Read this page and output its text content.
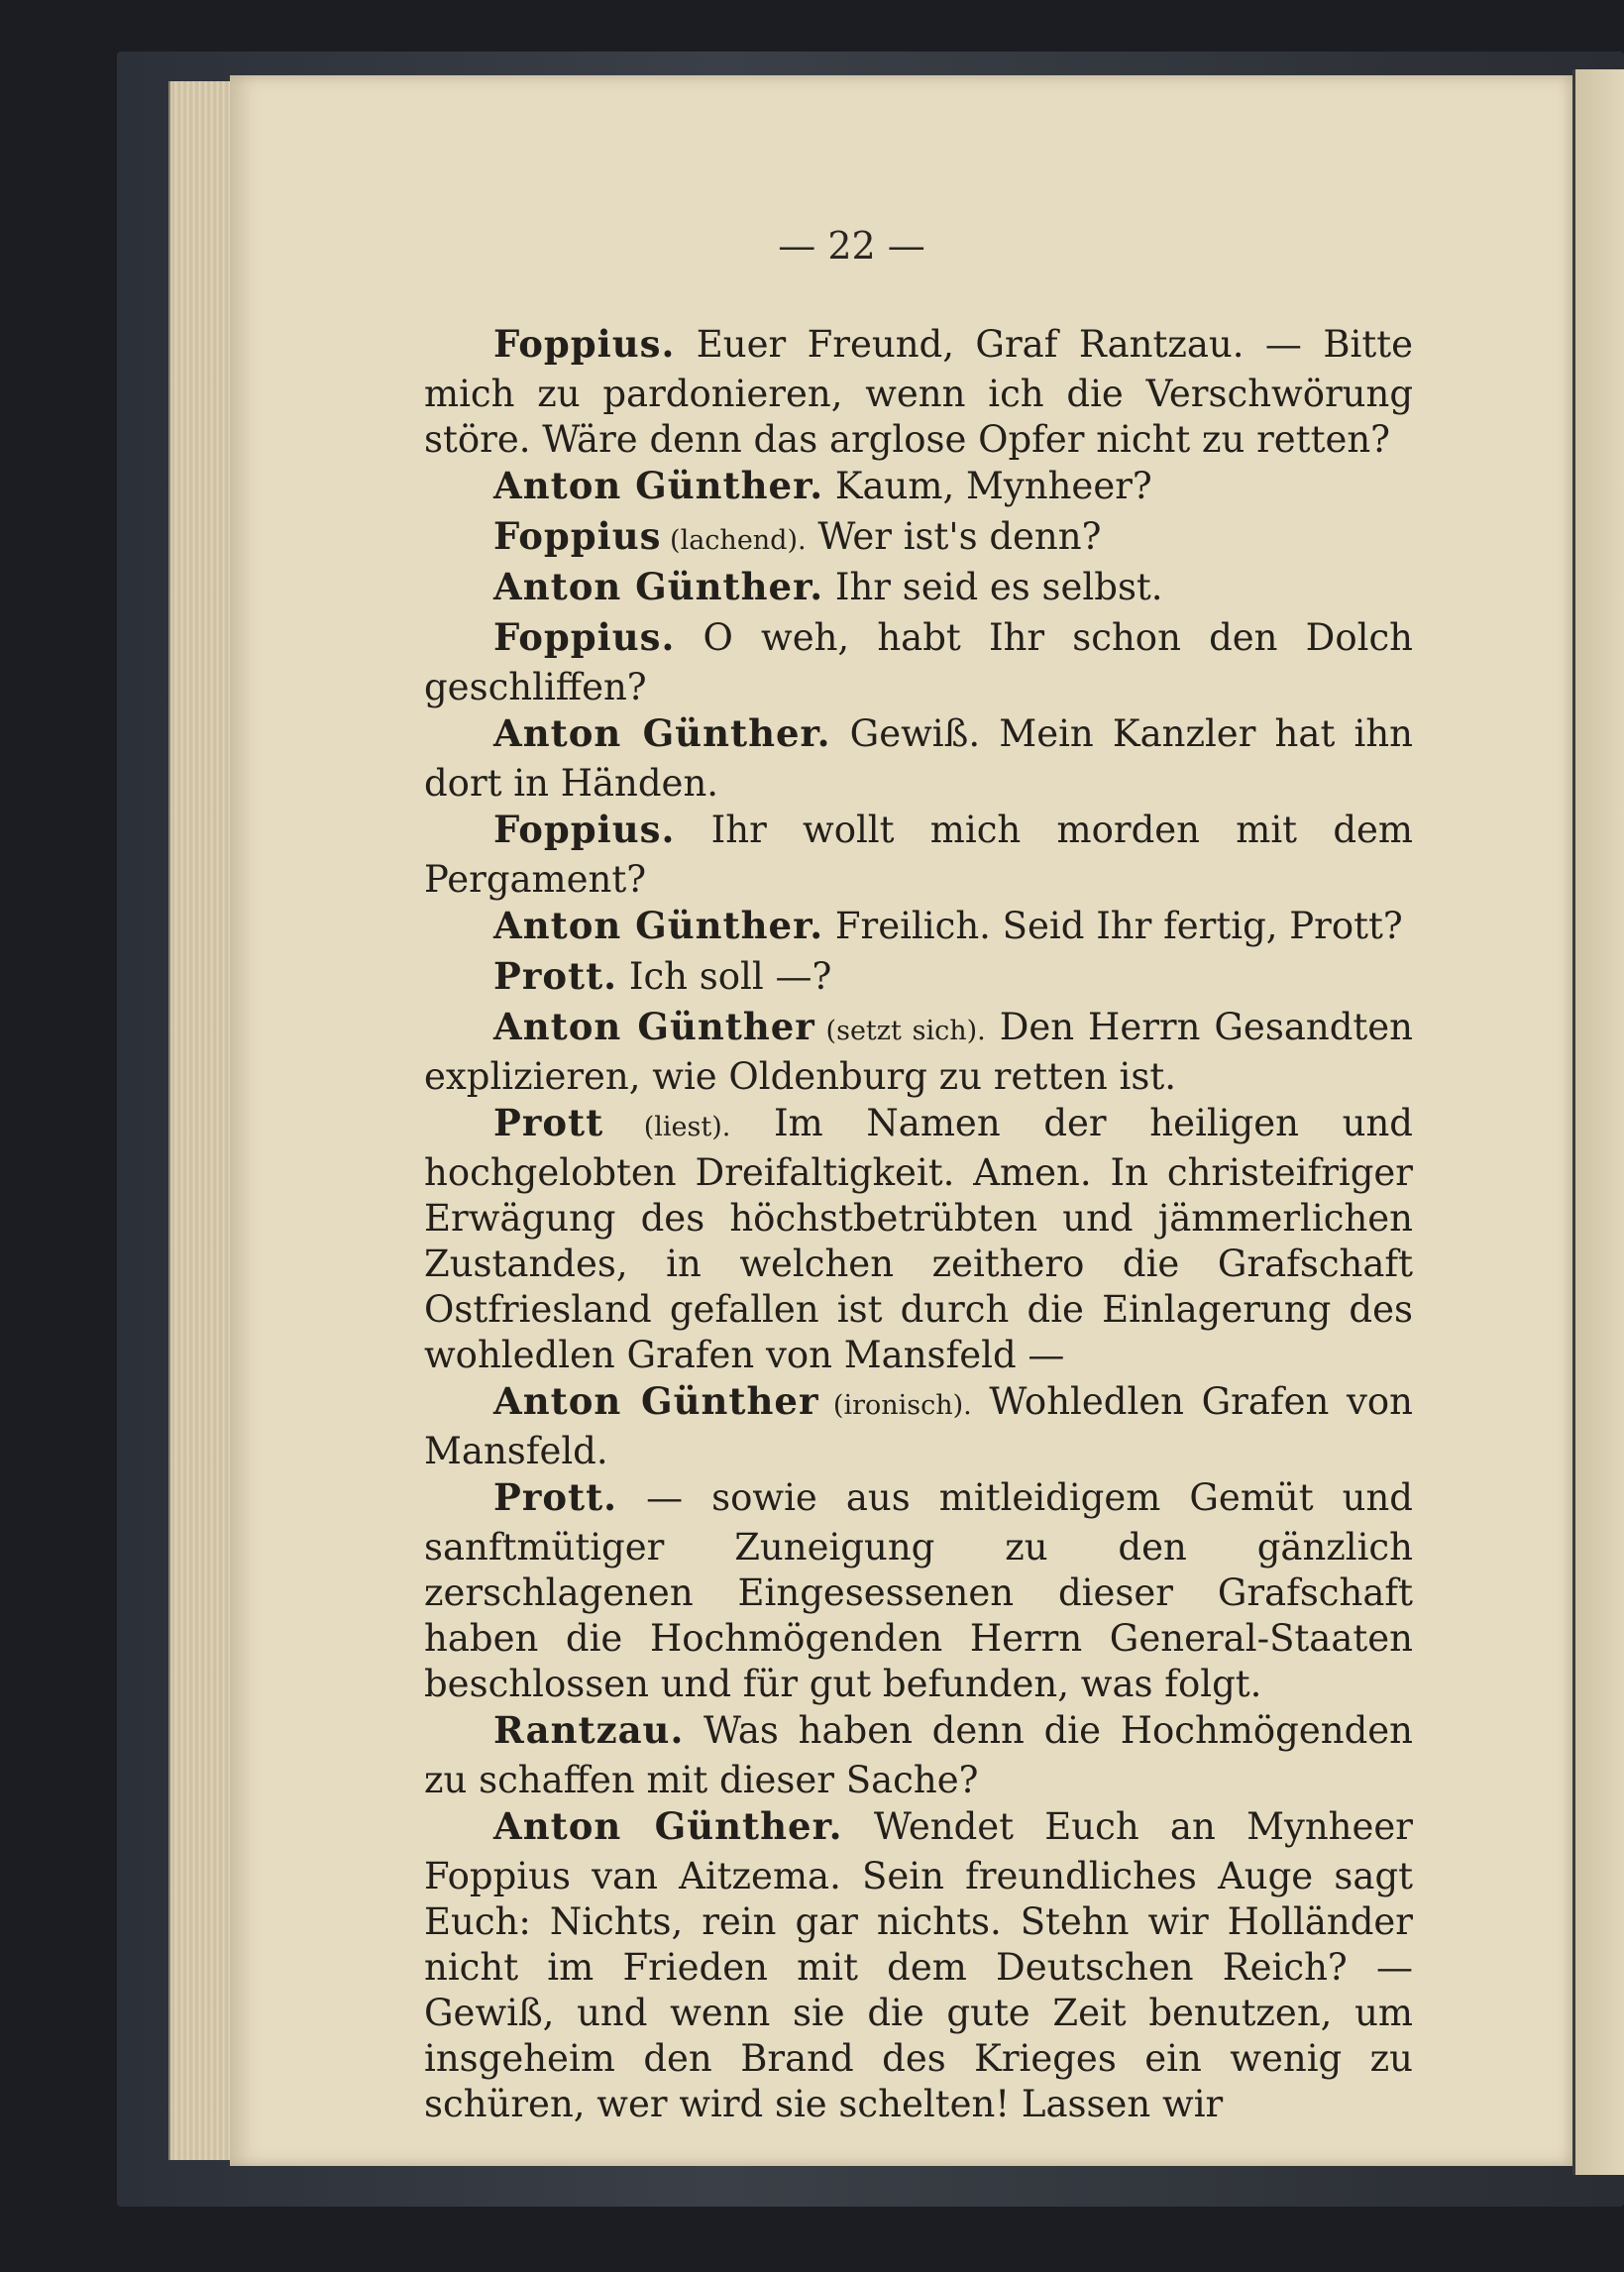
— 22 —

Foppius. Euer Freund, Graf Rantzau. — Bitte mich zu pardonieren, wenn ich die Verschwörung störe. Wäre denn das arglose Opfer nicht zu retten?

Anton Günther. Kaum, Mynheer?

Foppius (lachend). Wer ist's denn?

Anton Günther. Ihr seid es selbst.

Foppius. O weh, habt Ihr schon den Dolch geschliffen?

Anton Günther. Gewiß. Mein Kanzler hat ihn dort in Händen.

Foppius. Ihr wollt mich morden mit dem Pergament?

Anton Günther. Freilich. Seid Ihr fertig, Prott?

Prott. Ich soll —?

Anton Günther (setzt sich). Den Herrn Gesandten explizieren, wie Oldenburg zu retten ist.

Prott (liest). Im Namen der heiligen und hochgelobten Dreifaltigkeit. Amen. In christeifriger Erwägung des höchstbetrübten und jämmerlichen Zustandes, in welchen zeithero die Grafschaft Ostfriesland gefallen ist durch die Einlagerung des wohledlen Grafen von Mansfeld —

Anton Günther (ironisch). Wohledlen Grafen von Mansfeld.

Prott. — sowie aus mitleidigem Gemüt und sanftmütiger Zuneigung zu den gänzlich zerschlagenen Eingesessenen dieser Grafschaft haben die Hochmögenden Herrn General-Staaten beschlossen und für gut befunden, was folgt.

Rantzau. Was haben denn die Hochmögenden zu schaffen mit dieser Sache?

Anton Günther. Wendet Euch an Mynheer Foppius van Aitzema. Sein freundliches Auge sagt Euch: Nichts, rein gar nichts. Stehn wir Holländer nicht im Frieden mit dem Deutschen Reich? — Gewiß, und wenn sie die gute Zeit benutzen, um insgeheim den Brand des Krieges ein wenig zu schüren, wer wird sie schelten! Lassen wir
